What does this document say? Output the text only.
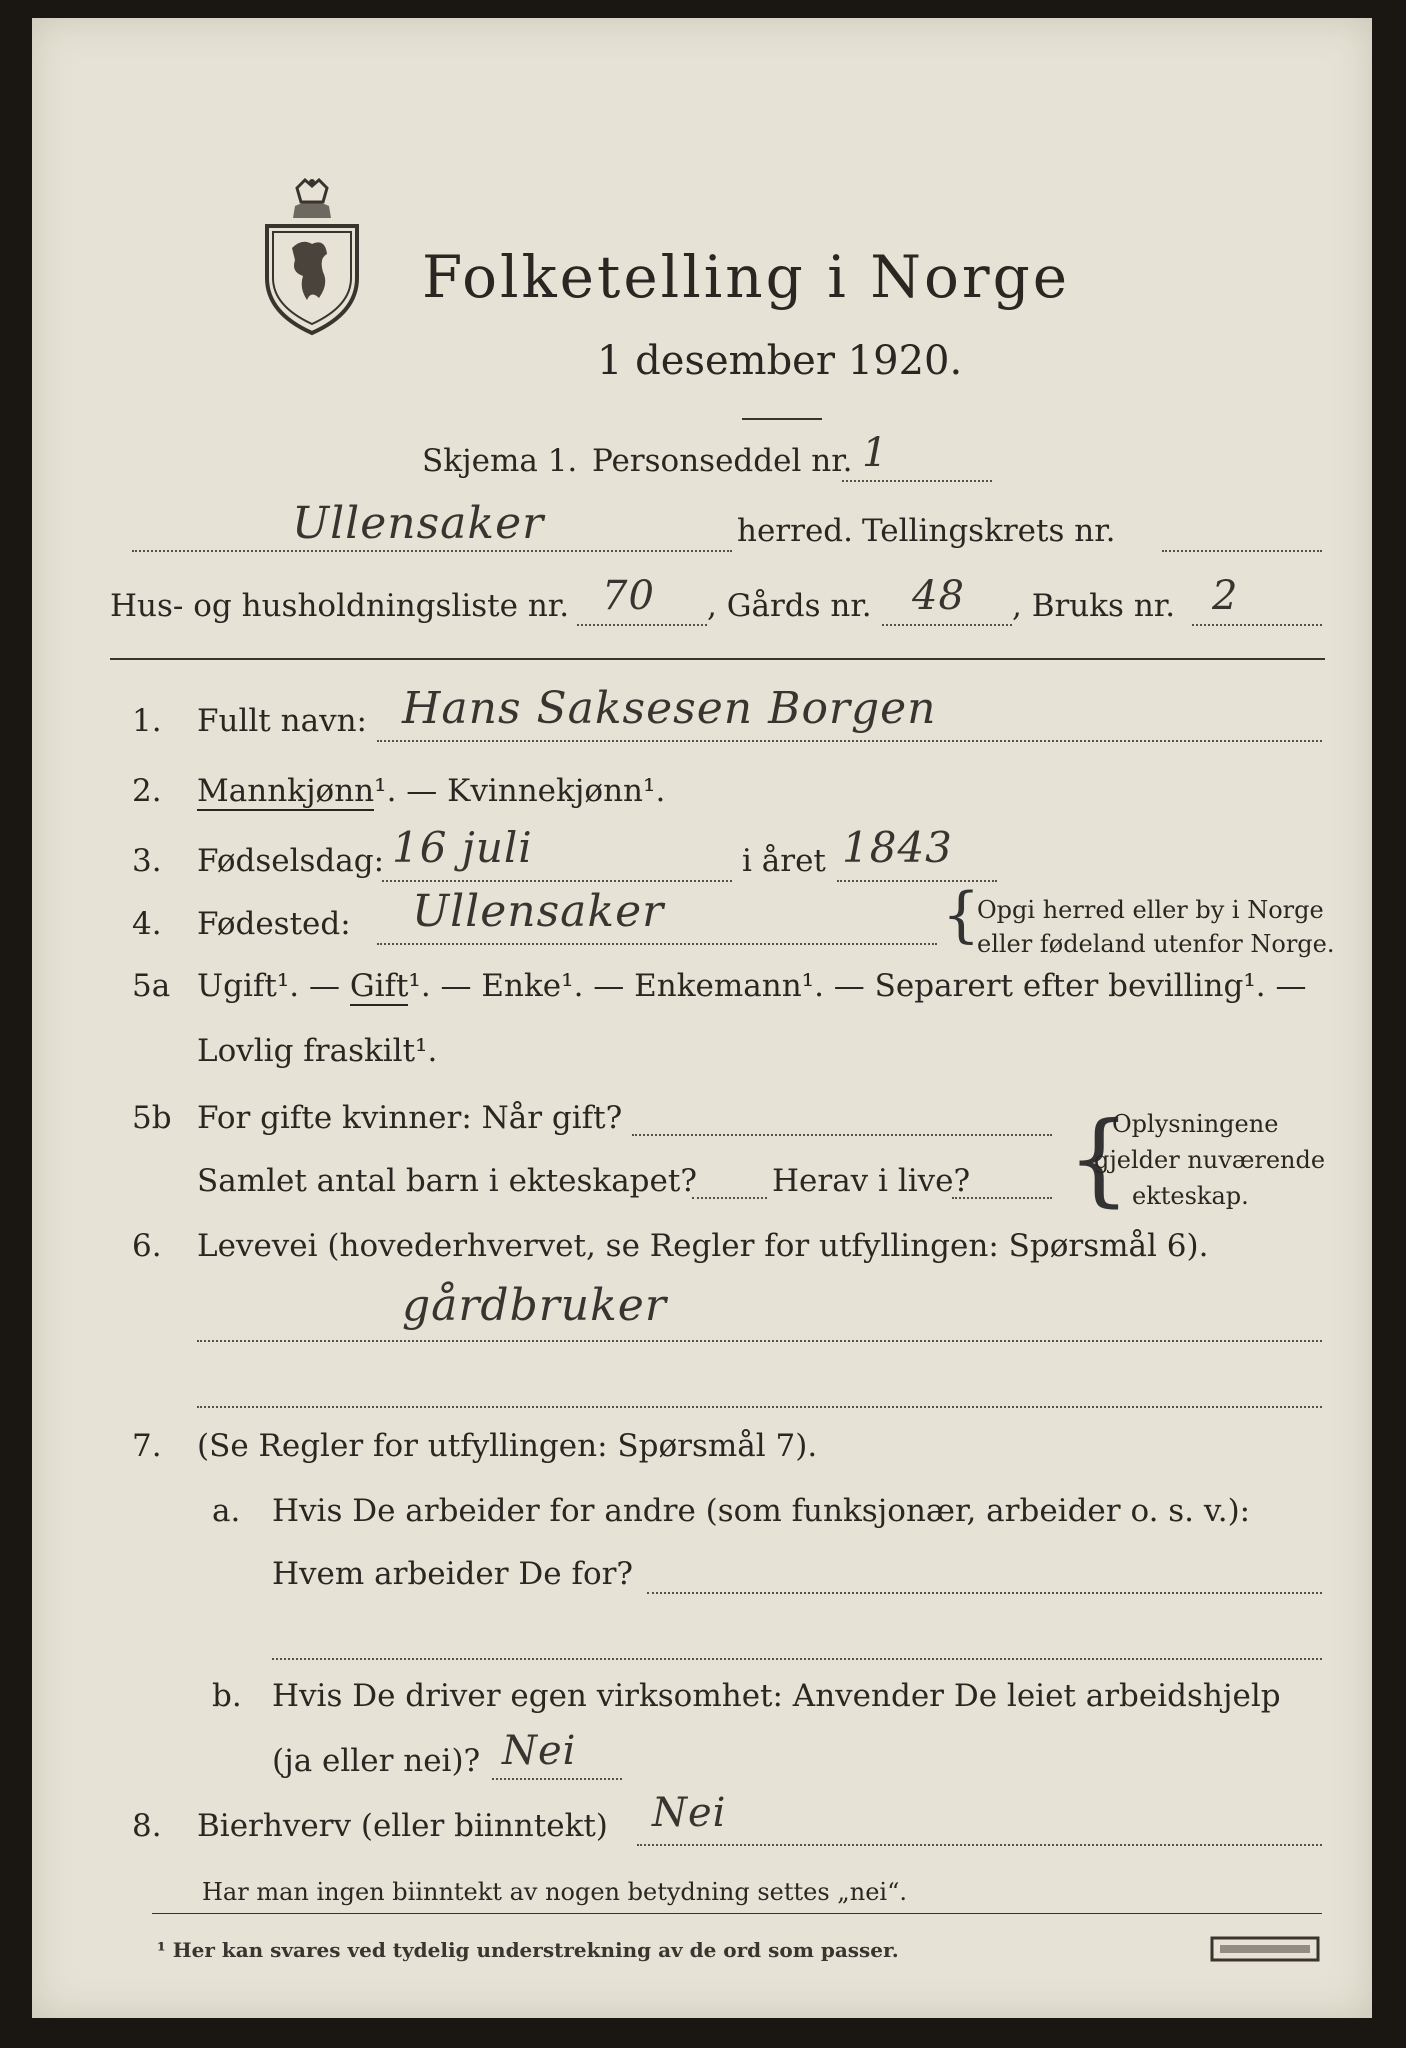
Folketelling i Norge
1 desember 1920.
Skjema 1. Personseddel nr. 1
Ullensaker	herred. Tellingskrets nr.
Hus- og husholdningsliste nr. 70 , Gårds nr. 48 , Bruks nr. 2
1. Fullt navn: Hans Saksesen Borgen
2. Mannkjønn¹. — Kvinnekjønn¹.
3. Fødselsdag: 16 juli	i året 1843
4. Fødested: Ullensaker	{
Opgi herred eller by i Norge
eller fødeland utenfor Norge.
5a Ugift¹. — Gift¹. — Enke¹. — Enkemann¹. — Separert efter bevilling¹. —
Lovlig fraskilt¹.
5b For gifte kvinner: Når gift?
Samlet antal barn i ekteskapet? Herav i live? {
Oplysningene
gjelder nuværende
ekteskap.
6. Levevei (hovederhvervet, se Regler for utfyllingen: Spørsmål 6).
gårdbruker
7. (Se Regler for utfyllingen: Spørsmål 7).
a. Hvis De arbeider for andre (som funksjonær, arbeider o. s. v.):
Hvem arbeider De for?
b. Hvis De driver egen virksomhet: Anvender De leiet arbeidshjelp
(ja eller nei)? Nei
8. Bierhverv (eller biinntekt) Nei
Har man ingen biinntekt av nogen betydning settes „nei“.
¹ Her kan svares ved tydelig understrekning av de ord som passer.
